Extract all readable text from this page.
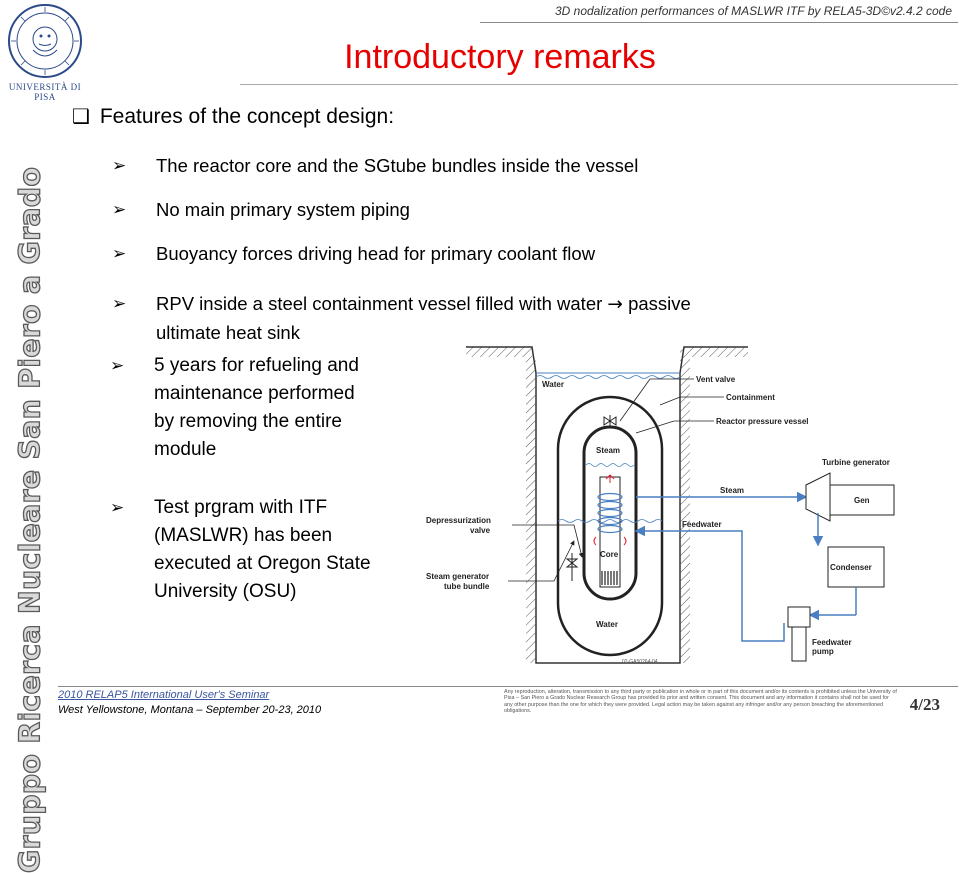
3D nodalization performances of MASLWR ITF by RELA5-3D©v2.4.2 code
UNIVERSITÀ DI PISA
Gruppo Ricerca Nucleare San Piero a Grado
Introductory remarks
❑ Features of the concept design:
➢ The reactor core and the SGtube bundles inside the vessel
➢ No main primary system piping
➢ Buoyancy forces driving head for primary coolant flow
➢ RPV inside a steel containment vessel filled with water → passive
ultimate heat sink
➢ 5 years for refueling and
maintenance performed
by removing the entire
module
➢ Test prgram with ITF
(MASLWR) has been
executed at Oregon State
University (OSU)
Water
Vent valve
Containment
Reactor pressure vessel
Steam
Turbine generator
Gen
Steam
Depressurization
valve
Feedwater
Core
Condenser
Steam generator
tube bundle
Water
Feedwater
pump
02-GA50264-04
2010 RELAP5 International User's Seminar
West Yellowstone, Montana – September 20-23, 2010
Any reproduction, alteration, transmission to any third party or publication in whole or in part of this document and/or its contents is prohibited unless the University of Pisa – San Piero a Grado Nuclear Research Group has provided its prior and written consent. This document and any information it contains shall not be used for any other purpose than the one for which they were provided. Legal action may be taken against any infringer and/or any person breaching the aforementioned obligations.	4/23
